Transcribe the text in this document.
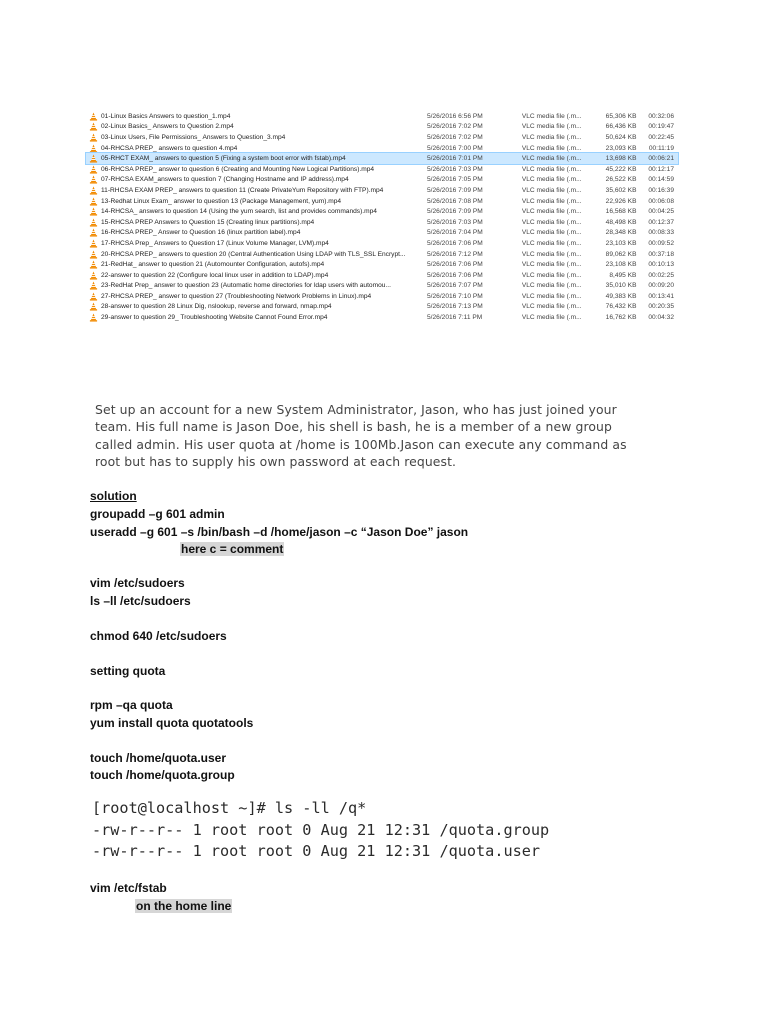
01-Linux Basics Answers to question_1.mp4	5/26/2016 6:56 PM	VLC media file (.m...	65,306 KB	00:32:06
02-Linux Basics_ Answers to Question 2.mp4	5/26/2016 7:02 PM	VLC media file (.m...	66,436 KB	00:19:47
03-Linux Users, File Permissions_ Answers to Question_3.mp4	5/26/2016 7:02 PM	VLC media file (.m...	50,624 KB	00:22:45
04-RHCSA PREP_ answers to question 4.mp4	5/26/2016 7:00 PM	VLC media file (.m...	23,093 KB	00:11:19
05-RHCT EXAM_ answers to question 5 (Fixing a system boot error with fstab).mp4	5/26/2016 7:01 PM	VLC media file (.m...	13,698 KB	00:06:21
06-RHCSA PREP_ answer to question 6 (Creating and Mounting New Logical Partitions).mp4	5/26/2016 7:03 PM	VLC media file (.m...	45,222 KB	00:12:17
07-RHCSA EXAM_answers to question 7 (Changing Hostname and IP address).mp4	5/26/2016 7:05 PM	VLC media file (.m...	26,522 KB	00:14:59
11-RHCSA EXAM PREP_ answers to question 11 (Create PrivateYum Repository with FTP).mp4	5/26/2016 7:09 PM	VLC media file (.m...	35,602 KB	00:16:39
13-Redhat Linux Exam_ answer to question 13 (Package Management, yum).mp4	5/26/2016 7:08 PM	VLC media file (.m...	22,926 KB	00:06:08
14-RHCSA_ answers to question 14 (Using the yum search, list and provides commands).mp4	5/26/2016 7:09 PM	VLC media file (.m...	16,568 KB	00:04:25
15-RHCSA PREP Answers to Question 15 (Creating linux partitions).mp4	5/26/2016 7:03 PM	VLC media file (.m...	48,498 KB	00:12:37
16-RHCSA PREP_ Answer to Question 16 (linux partition label).mp4	5/26/2016 7:04 PM	VLC media file (.m...	28,348 KB	00:08:33
17-RHCSA Prep_ Answers to Question 17 (Linux Volume Manager, LVM).mp4	5/26/2016 7:06 PM	VLC media file (.m...	23,103 KB	00:09:52
20-RHCSA PREP_ answers to question 20 (Central Authentication Using LDAP with TLS_SSL Encrypt...	5/26/2016 7:12 PM	VLC media file (.m...	89,062 KB	00:37:18
21-RedHat_ answer to question 21 (Automounter Configuration, autofs).mp4	5/26/2016 7:06 PM	VLC media file (.m...	23,108 KB	00:10:13
22-answer to question 22 (Configure local linux user in addition to LDAP).mp4	5/26/2016 7:06 PM	VLC media file (.m...	8,495 KB	00:02:25
23-RedHat Prep_ answer to question 23 (Automatic home directories for ldap users with automou...	5/26/2016 7:07 PM	VLC media file (.m...	35,010 KB	00:09:20
27-RHCSA PREP_ answer to question 27 (Troubleshooting Network Problems in Linux).mp4	5/26/2016 7:10 PM	VLC media file (.m...	49,383 KB	00:13:41
28-answer to question 28 Linux Dig, nslookup, reverse and forward, nmap.mp4	5/26/2016 7:13 PM	VLC media file (.m...	76,432 KB	00:20:35
29-answer to question 29_ Troubleshooting Website Cannot Found Error.mp4	5/26/2016 7:11 PM	VLC media file (.m...	16,762 KB	00:04:32
Set up an account for a new System Administrator, Jason, who has just joined your
team. His full name is Jason Doe, his shell is bash, he is a member of a new group
called admin. His user quota at /home is 100Mb.Jason can execute any command as
root but has to supply his own password at each request.
solution
groupadd –g 601 admin
useradd –g 601 –s /bin/bash –d /home/jason –c “Jason Doe” jason
here c = comment
vim /etc/sudoers
ls –ll /etc/sudoers
chmod 640 /etc/sudoers
setting quota
rpm –qa quota
yum install quota quotatools
touch /home/quota.user
touch /home/quota.group
vim /etc/fstab
on the home line
[root@localhost ~]# ls -ll /q*
-rw-r--r-- 1 root root 0 Aug 21 12:31 /quota.group
-rw-r--r-- 1 root root 0 Aug 21 12:31 /quota.user
